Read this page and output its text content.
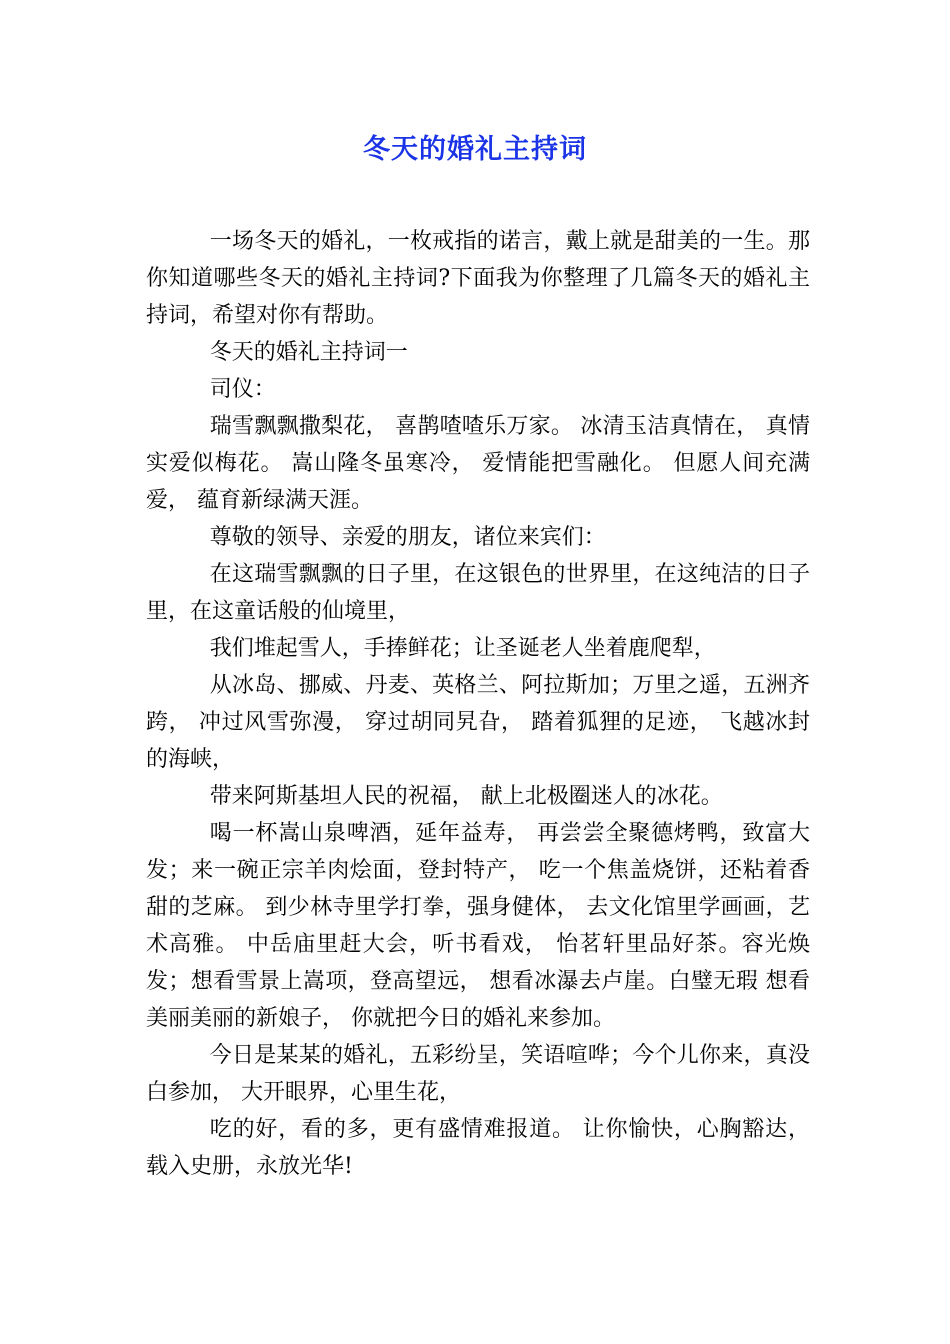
冬天的婚礼主持词

一场冬天的婚礼，一枚戒指的诺言，戴上就是甜美的一生。那你知道哪些冬天的婚礼主持词?下面我为你整理了几篇冬天的婚礼主持词，希望对你有帮助。

冬天的婚礼主持词一

司仪：

瑞雪飘飘撒梨花， 喜鹊喳喳乐万家。 冰清玉洁真情在， 真情实爱似梅花。 嵩山隆冬虽寒冷， 爱情能把雪融化。 但愿人间充满爱， 蕴育新绿满天涯。

尊敬的领导、亲爱的朋友，诸位来宾们：

在这瑞雪飘飘的日子里，在这银色的世界里，在这纯洁的日子里，在这童话般的仙境里，

我们堆起雪人，手捧鲜花；让圣诞老人坐着鹿爬犁，

从冰岛、挪威、丹麦、英格兰、阿拉斯加；万里之遥，五洲齐跨， 冲过风雪弥漫， 穿过胡同旯旮， 踏着狐狸的足迹， 飞越冰封的海峡，

带来阿斯基坦人民的祝福， 献上北极圈迷人的冰花。

喝一杯嵩山泉啤酒，延年益寿， 再尝尝全聚德烤鸭，致富大发；来一碗正宗羊肉烩面，登封特产， 吃一个焦盖烧饼，还粘着香甜的芝麻。 到少林寺里学打拳，强身健体， 去文化馆里学画画，艺术高雅。 中岳庙里赶大会，听书看戏， 怡茗轩里品好茶。容光焕发；想看雪景上嵩项，登高望远， 想看冰瀑去卢崖。白璧无瑕 想看美丽美丽的新娘子， 你就把今日的婚礼来参加。

今日是某某的婚礼，五彩纷呈，笑语喧哗；今个儿你来，真没白参加， 大开眼界，心里生花，

吃的好，看的多，更有盛情难报道。 让你愉快，心胸豁达， 载入史册，永放光华!
